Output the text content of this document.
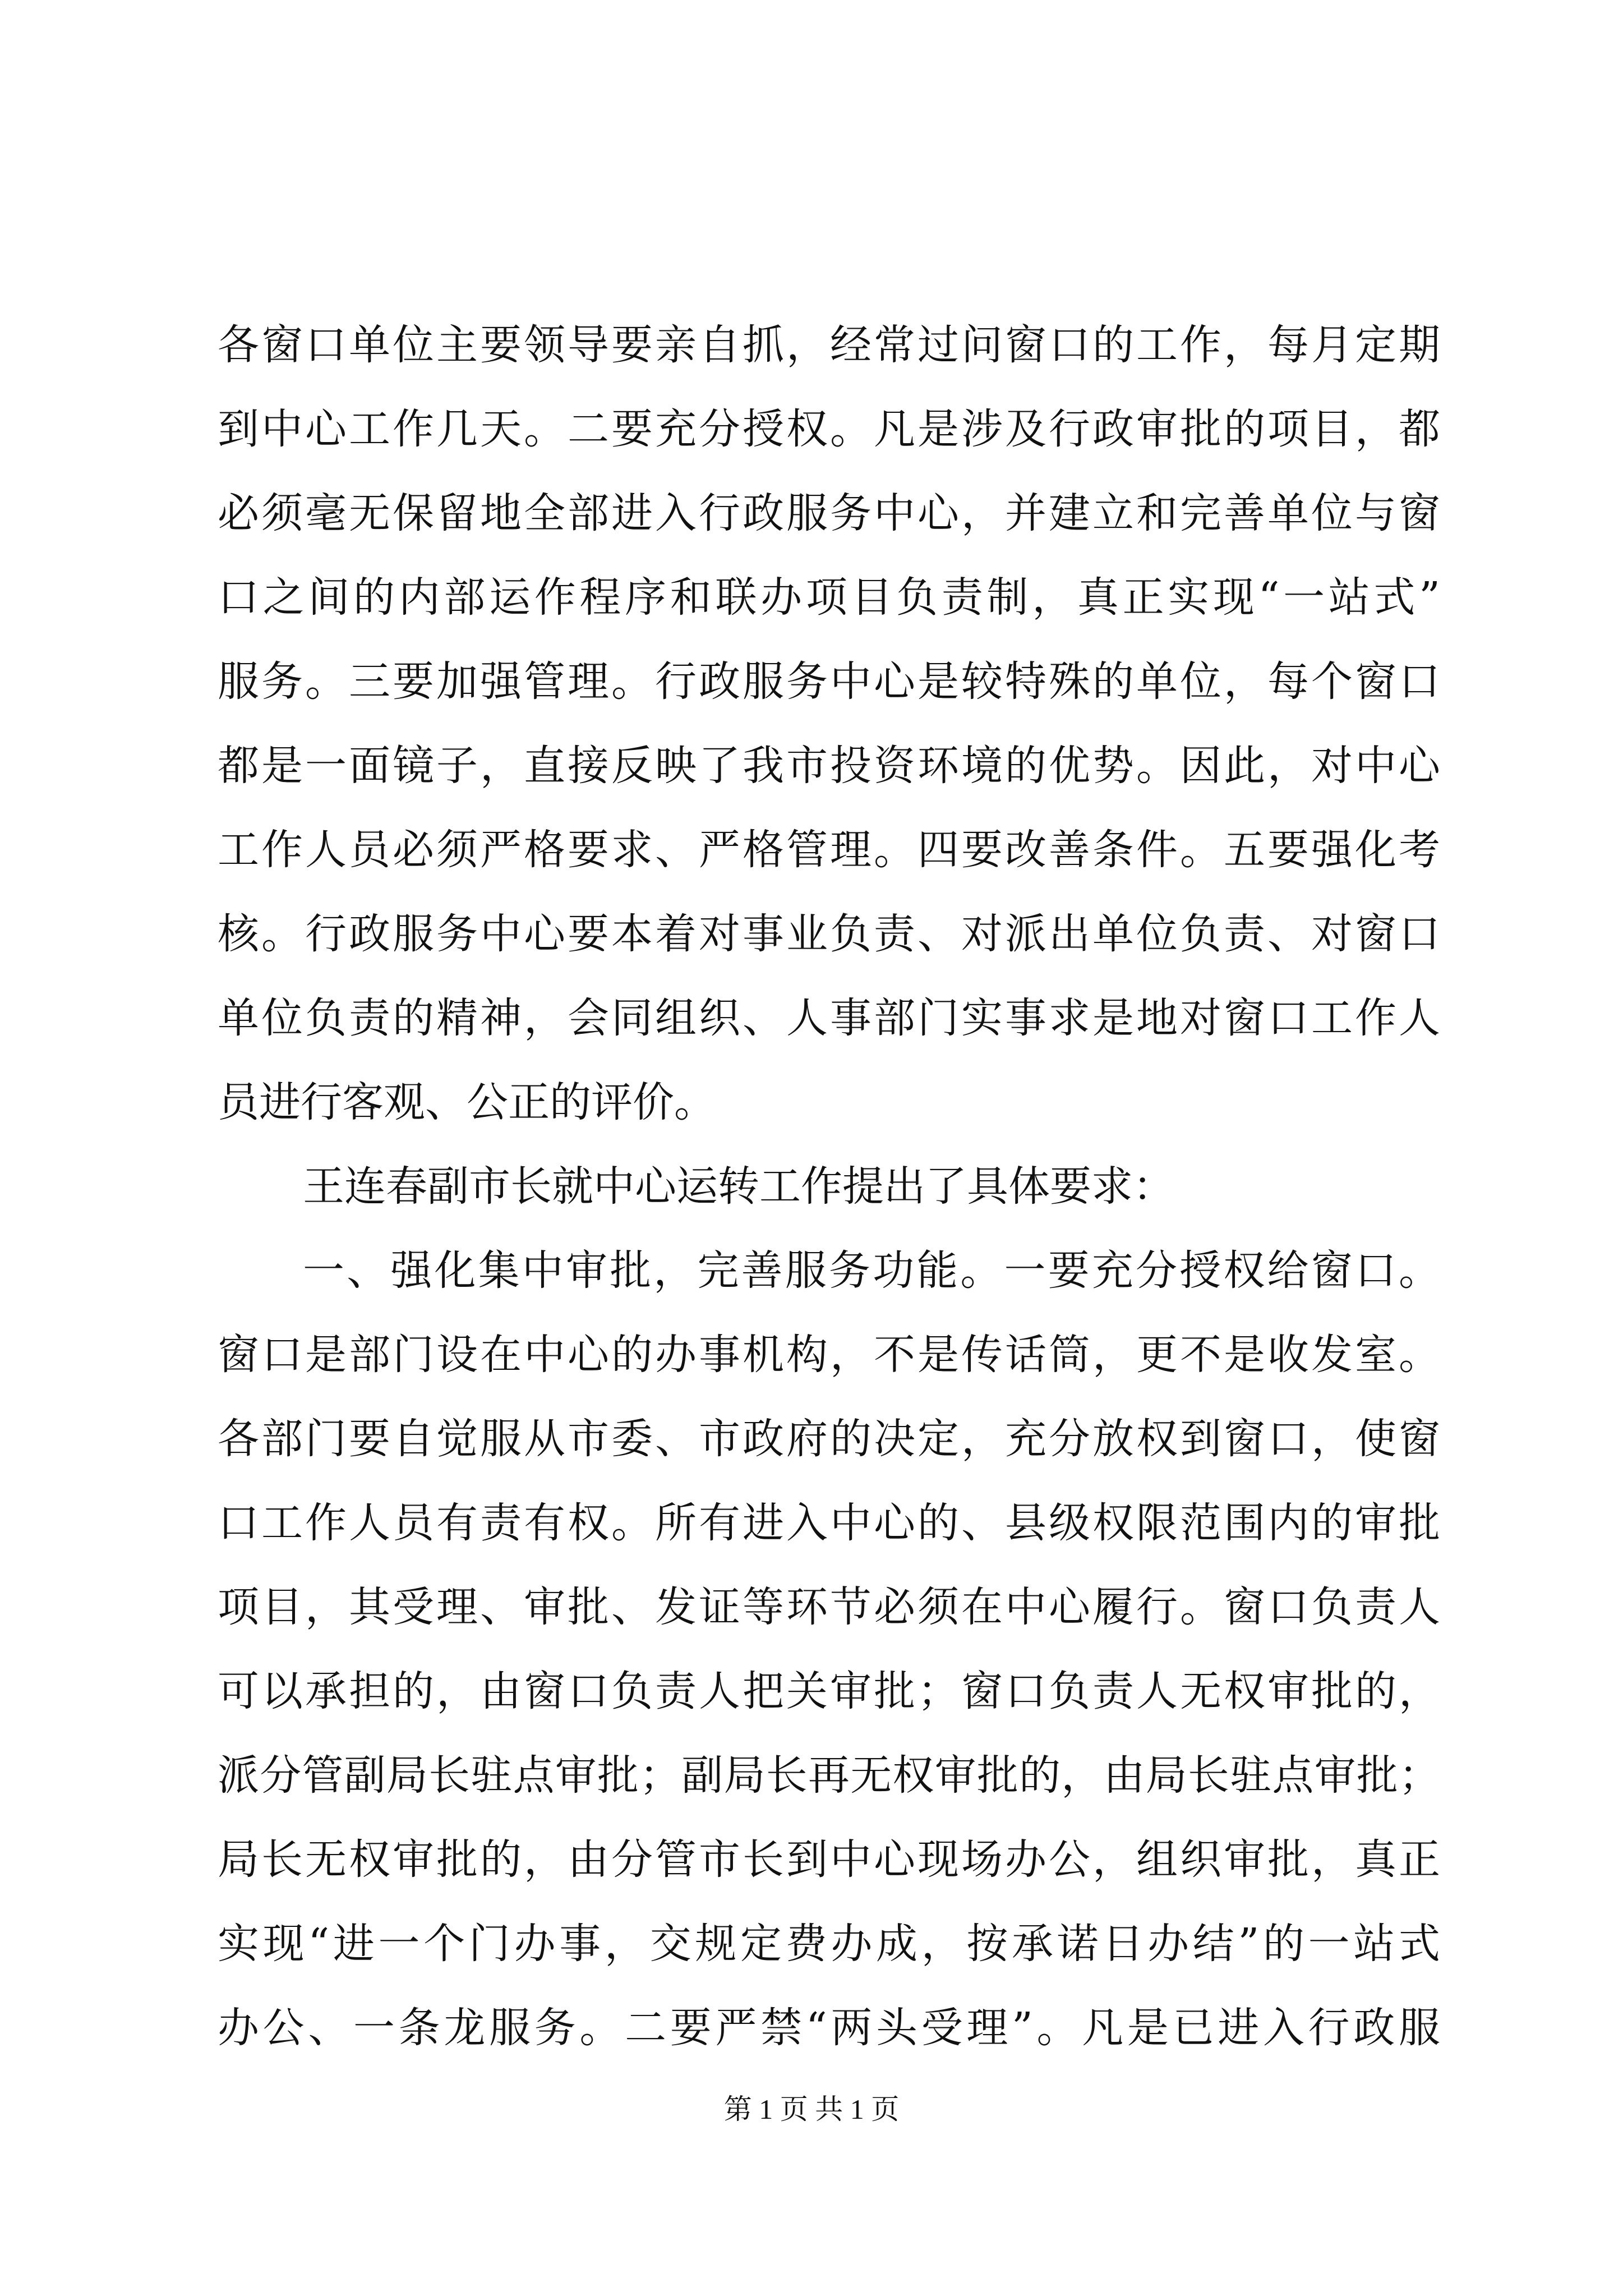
各窗口单位主要领导要亲自抓，经常过问窗口的工作，每月定期
到中心工作几天。二要充分授权。凡是涉及行政审批的项目，都
必须毫无保留地全部进入行政服务中心，并建立和完善单位与窗
口之间的内部运作程序和联办项目负责制，真正实现“一站式”
服务。三要加强管理。行政服务中心是较特殊的单位，每个窗口
都是一面镜子，直接反映了我市投资环境的优势。因此，对中心
工作人员必须严格要求、严格管理。四要改善条件。五要强化考
核。行政服务中心要本着对事业负责、对派出单位负责、对窗口
单位负责的精神，会同组织、人事部门实事求是地对窗口工作人
员进行客观、公正的评价。
王连春副市长就中心运转工作提出了具体要求：
一、强化集中审批，完善服务功能。一要充分授权给窗口。
窗口是部门设在中心的办事机构，不是传话筒，更不是收发室。
各部门要自觉服从市委、市政府的决定，充分放权到窗口，使窗
口工作人员有责有权。所有进入中心的、县级权限范围内的审批
项目，其受理、审批、发证等环节必须在中心履行。窗口负责人
可以承担的，由窗口负责人把关审批；窗口负责人无权审批的，
派分管副局长驻点审批；副局长再无权审批的，由局长驻点审批；
局长无权审批的，由分管市长到中心现场办公，组织审批，真正
实现“进一个门办事，交规定费办成，按承诺日办结”的一站式
办公、一条龙服务。二要严禁“两头受理”。凡是已进入行政服
第 1 页 共 1 页
